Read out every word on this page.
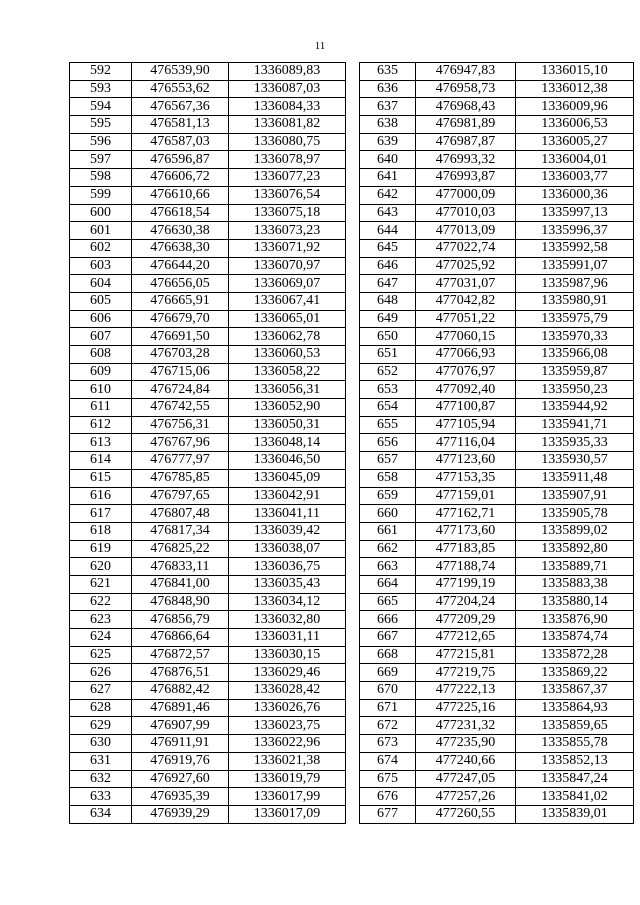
11
592	476539,90	1336089,83
593	476553,62	1336087,03
594	476567,36	1336084,33
595	476581,13	1336081,82
596	476587,03	1336080,75
597	476596,87	1336078,97
598	476606,72	1336077,23
599	476610,66	1336076,54
600	476618,54	1336075,18
601	476630,38	1336073,23
602	476638,30	1336071,92
603	476644,20	1336070,97
604	476656,05	1336069,07
605	476665,91	1336067,41
606	476679,70	1336065,01
607	476691,50	1336062,78
608	476703,28	1336060,53
609	476715,06	1336058,22
610	476724,84	1336056,31
611	476742,55	1336052,90
612	476756,31	1336050,31
613	476767,96	1336048,14
614	476777,97	1336046,50
615	476785,85	1336045,09
616	476797,65	1336042,91
617	476807,48	1336041,11
618	476817,34	1336039,42
619	476825,22	1336038,07
620	476833,11	1336036,75
621	476841,00	1336035,43
622	476848,90	1336034,12
623	476856,79	1336032,80
624	476866,64	1336031,11
625	476872,57	1336030,15
626	476876,51	1336029,46
627	476882,42	1336028,42
628	476891,46	1336026,76
629	476907,99	1336023,75
630	476911,91	1336022,96
631	476919,76	1336021,38
632	476927,60	1336019,79
633	476935,39	1336017,99
634	476939,29	1336017,09
635	476947,83	1336015,10
636	476958,73	1336012,38
637	476968,43	1336009,96
638	476981,89	1336006,53
639	476987,87	1336005,27
640	476993,32	1336004,01
641	476993,87	1336003,77
642	477000,09	1336000,36
643	477010,03	1335997,13
644	477013,09	1335996,37
645	477022,74	1335992,58
646	477025,92	1335991,07
647	477031,07	1335987,96
648	477042,82	1335980,91
649	477051,22	1335975,79
650	477060,15	1335970,33
651	477066,93	1335966,08
652	477076,97	1335959,87
653	477092,40	1335950,23
654	477100,87	1335944,92
655	477105,94	1335941,71
656	477116,04	1335935,33
657	477123,60	1335930,57
658	477153,35	1335911,48
659	477159,01	1335907,91
660	477162,71	1335905,78
661	477173,60	1335899,02
662	477183,85	1335892,80
663	477188,74	1335889,71
664	477199,19	1335883,38
665	477204,24	1335880,14
666	477209,29	1335876,90
667	477212,65	1335874,74
668	477215,81	1335872,28
669	477219,75	1335869,22
670	477222,13	1335867,37
671	477225,16	1335864,93
672	477231,32	1335859,65
673	477235,90	1335855,78
674	477240,66	1335852,13
675	477247,05	1335847,24
676	477257,26	1335841,02
677	477260,55	1335839,01
